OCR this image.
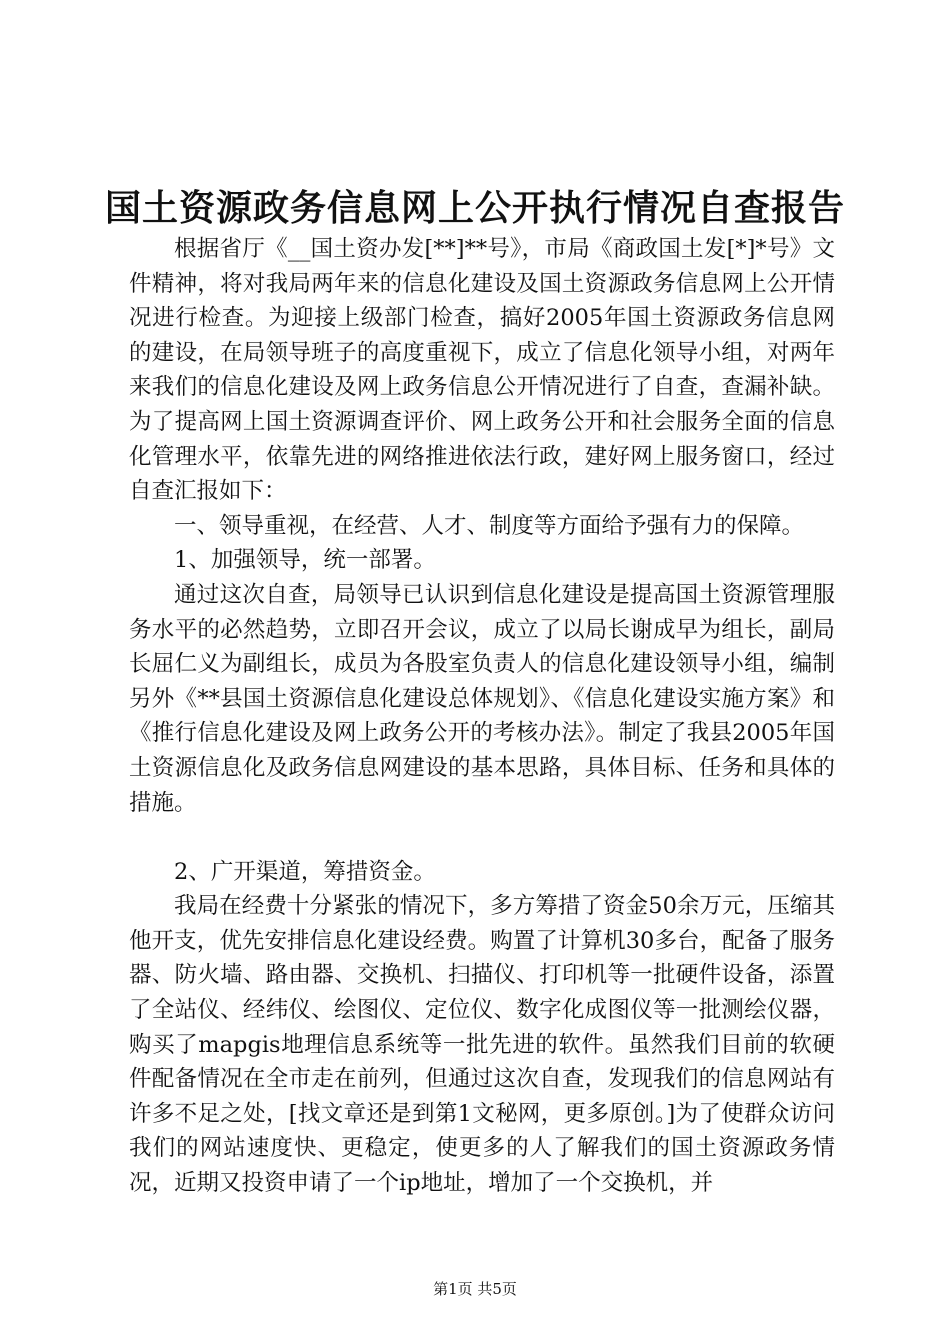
国土资源政务信息网上公开执行情况自查报告

根据省厅《__国土资办发[**]**号》，市局《商政国土发[*]*号》文件精神，将对我局两年来的信息化建设及国土资源政务信息网上公开情况进行检查。为迎接上级部门检查，搞好2005年国土资源政务信息网的建设，在局领导班子的高度重视下，成立了信息化领导小组，对两年来我们的信息化建设及网上政务信息公开情况进行了自查，查漏补缺。为了提高网上国土资源调查评价、网上政务公开和社会服务全面的信息化管理水平，依靠先进的网络推进依法行政，建好网上服务窗口，经过自查汇报如下：

一、领导重视，在经营、人才、制度等方面给予强有力的保障。

1、加强领导，统一部署。

通过这次自查，局领导已认识到信息化建设是提高国土资源管理服务水平的必然趋势，立即召开会议，成立了以局长谢成早为组长，副局长屈仁义为副组长，成员为各股室负责人的信息化建设领导小组，编制另外《**县国土资源信息化建设总体规划》、《信息化建设实施方案》和《推行信息化建设及网上政务公开的考核办法》。制定了我县2005年国土资源信息化及政务信息网建设的基本思路，具体目标、任务和具体的措施。

2、广开渠道，筹措资金。

我局在经费十分紧张的情况下，多方筹措了资金50余万元，压缩其他开支，优先安排信息化建设经费。购置了计算机30多台，配备了服务器、防火墙、路由器、交换机、扫描仪、打印机等一批硬件设备，添置了全站仪、经纬仪、绘图仪、定位仪、数字化成图仪等一批测绘仪器，购买了mapgis地理信息系统等一批先进的软件。虽然我们目前的软硬件配备情况在全市走在前列，但通过这次自查，发现我们的信息网站有许多不足之处，[找文章还是到第1文秘网，更多原创。]为了使群众访问我们的网站速度快、更稳定，使更多的人了解我们的国土资源政务情况，近期又投资申请了一个ip地址，增加了一个交换机，并

第1页 共5页
